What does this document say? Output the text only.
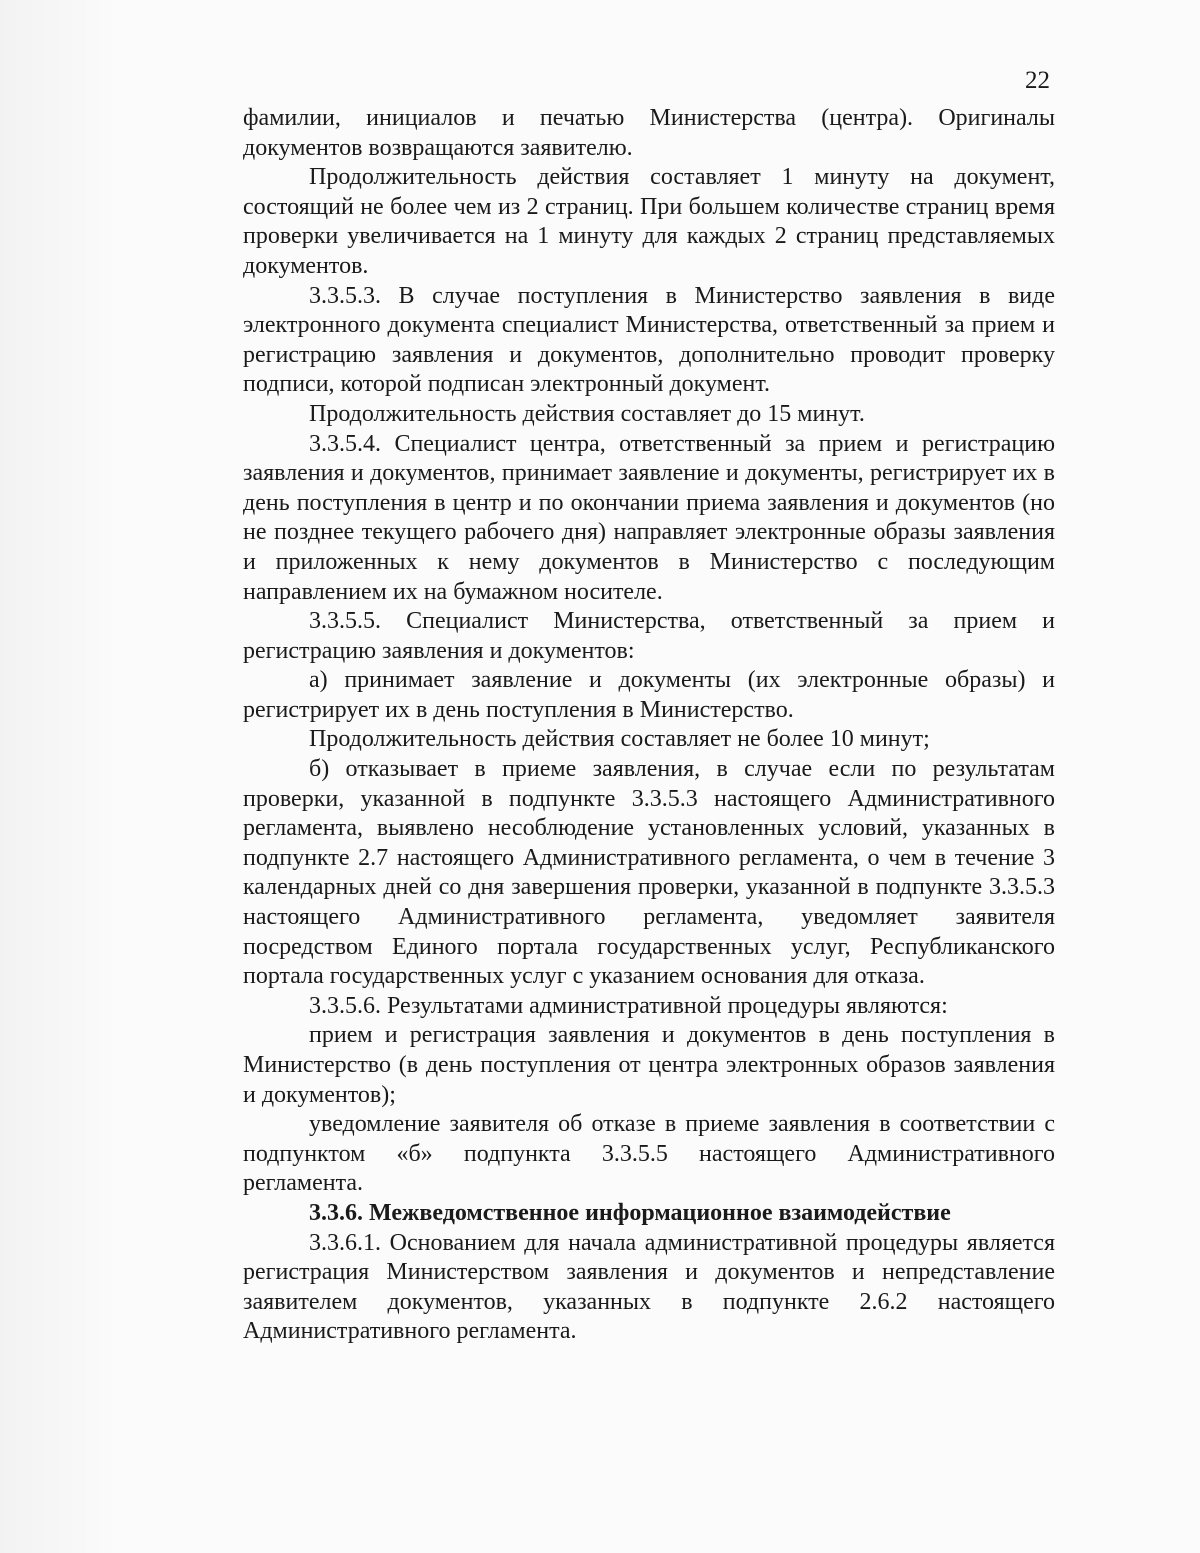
22

фамилии, инициалов и печатью Министерства (центра). Оригиналы документов возвращаются заявителю.

Продолжительность действия составляет 1 минуту на документ, состоящий не более чем из 2 страниц. При большем количестве страниц время проверки увеличивается на 1 минуту для каждых 2 страниц представляемых документов.

3.3.5.3. В случае поступления в Министерство заявления в виде электронного документа специалист Министерства, ответственный за прием и регистрацию заявления и документов, дополнительно проводит проверку подписи, которой подписан электронный документ.

Продолжительность действия составляет до 15 минут.

3.3.5.4. Специалист центра, ответственный за прием и регистрацию заявления и документов, принимает заявление и документы, регистрирует их в день поступления в центр и по окончании приема заявления и документов (но не позднее текущего рабочего дня) направляет электронные образы заявления и приложенных к нему документов в Министерство с последующим направлением их на бумажном носителе.

3.3.5.5. Специалист Министерства, ответственный за прием и регистрацию заявления и документов:

а) принимает заявление и документы (их электронные образы) и регистрирует их в день поступления в Министерство.

Продолжительность действия составляет не более 10 минут;

б) отказывает в приеме заявления, в случае если по результатам проверки, указанной в подпункте 3.3.5.3 настоящего Административного регламента, выявлено несоблюдение установленных условий, указанных в подпункте 2.7 настоящего Административного регламента, о чем в течение 3 календарных дней со дня завершения проверки, указанной в подпункте 3.3.5.3 настоящего Административного регламента, уведомляет заявителя посредством Единого портала государственных услуг, Республиканского портала государственных услуг с указанием основания для отказа.

3.3.5.6. Результатами административной процедуры являются:

прием и регистрация заявления и документов в день поступления в Министерство (в день поступления от центра электронных образов заявления и документов);

уведомление заявителя об отказе в приеме заявления в соответствии с подпунктом «б» подпункта 3.3.5.5 настоящего Административного регламента.

3.3.6. Межведомственное информационное взаимодействие

3.3.6.1. Основанием для начала административной процедуры является регистрация Министерством заявления и документов и непредставление заявителем документов, указанных в подпункте 2.6.2 настоящего Административного регламента.
